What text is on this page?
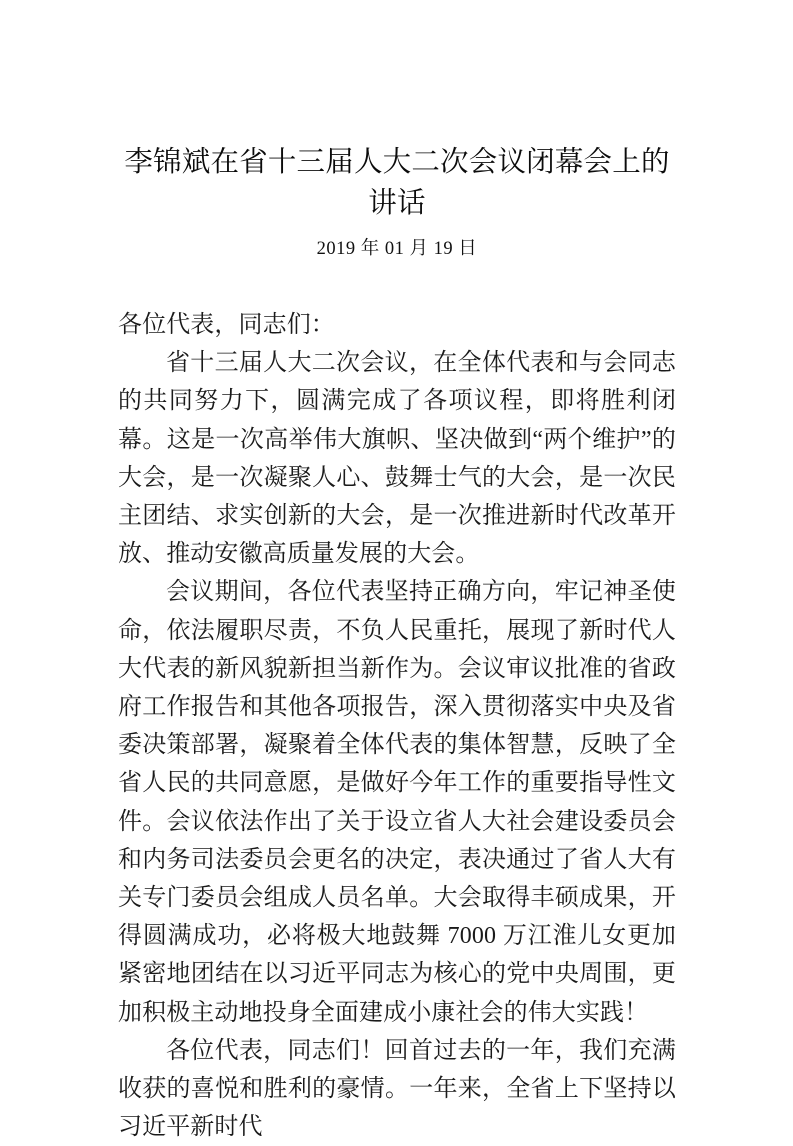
李锦斌在省十三届人大二次会议闭幕会上的讲话
2019 年 01 月 19 日

各位代表，同志们：

省十三届人大二次会议，在全体代表和与会同志的共同努力下，圆满完成了各项议程，即将胜利闭幕。这是一次高举伟大旗帜、坚决做到“两个维护”的大会，是一次凝聚人心、鼓舞士气的大会，是一次民主团结、求实创新的大会，是一次推进新时代改革开放、推动安徽高质量发展的大会。

会议期间，各位代表坚持正确方向，牢记神圣使命，依法履职尽责，不负人民重托，展现了新时代人大代表的新风貌新担当新作为。会议审议批准的省政府工作报告和其他各项报告，深入贯彻落实中央及省委决策部署，凝聚着全体代表的集体智慧，反映了全省人民的共同意愿，是做好今年工作的重要指导性文件。会议依法作出了关于设立省人大社会建设委员会和内务司法委员会更名的决定，表决通过了省人大有关专门委员会组成人员名单。大会取得丰硕成果，开得圆满成功，必将极大地鼓舞 7000 万江淮儿女更加紧密地团结在以习近平同志为核心的党中央周围，更加积极主动地投身全面建成小康社会的伟大实践！

各位代表，同志们！回首过去的一年，我们充满收获的喜悦和胜利的豪情。一年来，全省上下坚持以习近平新时代
